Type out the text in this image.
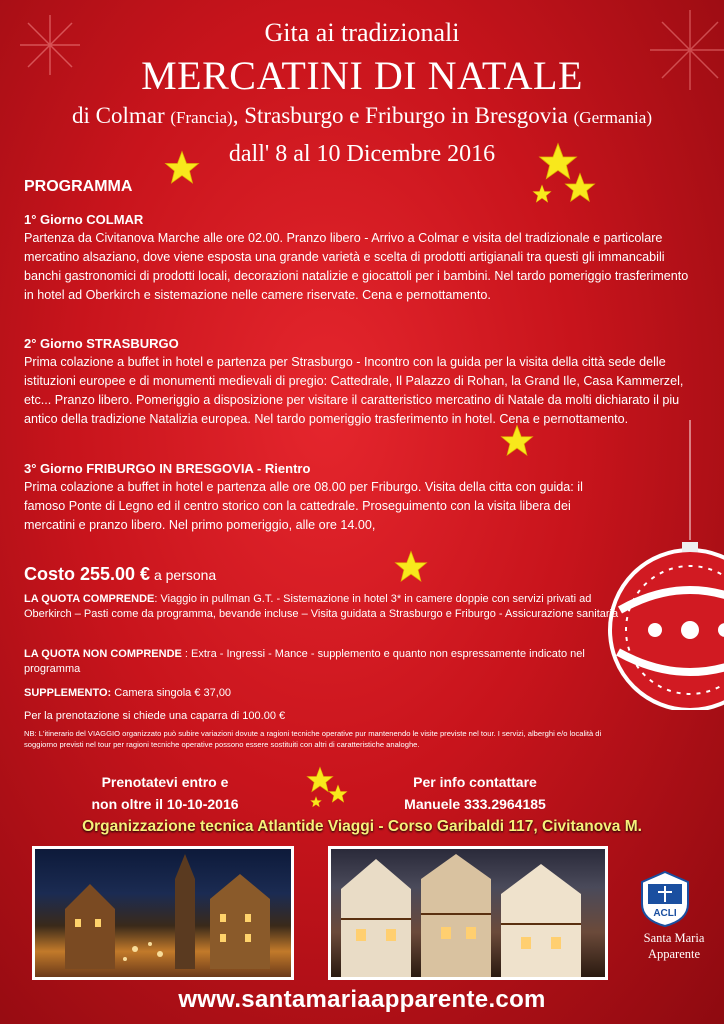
Gita ai tradizionali
MERCATINI DI NATALE
di Colmar (Francia), Strasburgo e Friburgo in Bresgovia (Germania)
dall' 8 al 10 Dicembre 2016
PROGRAMMA
1° Giorno COLMAR
Partenza da Civitanova Marche alle ore 02.00. Pranzo libero - Arrivo a Colmar e visita del tradizionale e particolare mercatino alsaziano, dove viene esposta una grande varietà e scelta di prodotti artigianali tra questi gli immancabili banchi gastronomici di prodotti locali, decorazioni natalizie e giocattoli per i bambini. Nel tardo pomeriggio trasferimento in hotel ad Oberkirch e sistemazione nelle camere riservate. Cena e pernottamento.
2° Giorno STRASBURGO
Prima colazione a buffet in hotel e partenza per Strasburgo - Incontro con la guida per la visita della città sede delle istituzioni europee e di monumenti medievali di pregio: Cattedrale, Il Palazzo di Rohan, la Grand Ile, Casa Kammerzel, etc... Pranzo libero. Pomeriggio a disposizione per visitare il caratteristico mercatino di Natale da molti dichiarato il piu antico della tradizione Natalizia europea. Nel tardo pomeriggio trasferimento in hotel. Cena e pernottamento.
3° Giorno FRIBURGO IN BRESGOVIA - Rientro
Prima colazione a buffet in hotel e partenza alle ore 08.00 per Friburgo. Visita della citta con guida: il famoso Ponte di Legno ed il centro storico con la cattedrale. Proseguimento con la visita libera dei mercatini e pranzo libero. Nel primo pomeriggio, alle ore 14.00,
Costo 255.00 € a persona
LA QUOTA COMPRENDE: Viaggio in pullman G.T. - Sistemazione in hotel 3* in camere doppie con servizi privati ad Oberkirch – Pasti come da programma, bevande incluse – Visita guidata a Strasburgo e Friburgo - Assicurazione sanitaria
LA QUOTA NON COMPRENDE : Extra - Ingressi - Mance - supplemento e quanto non espressamente indicato nel programma
SUPPLEMENTO: Camera singola € 37,00
Per la prenotazione si chiede una caparra di 100.00 €
NB: L'itinerario del VIAGGIO organizzato può subire variazioni dovute a ragioni tecniche operative pur mantenendo le visite previste nel tour. I servizi, alberghi e/o località di soggiorno previsti nel tour per ragioni tecniche operative possono essere sostituiti con altri di caratteristiche analoghe.
Prenotatevi entro e
non oltre il 10-10-2016
Per info contattare
Manuele 333.2964185
Organizzazione tecnica Atlantide Viaggi - Corso Garibaldi 117, Civitanova M.
ACLI
Santa Maria
Apparente
www.santamariaapparente.com
